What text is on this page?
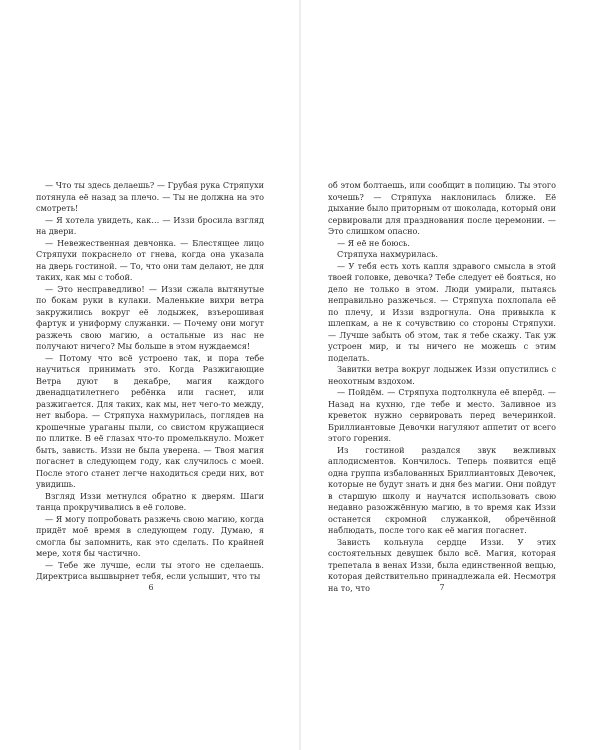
— Что ты здесь делаешь? — Грубая рука Стряпухи потянула её назад за плечо. — Ты не должна на это смотреть!

— Я хотела увидеть, как… — Иззи бросила взгляд на двери.

— Невежественная девчонка. — Блестящее лицо Стряпухи покраснело от гнева, когда она указала на дверь гостиной. — То, что они там делают, не для таких, как мы с тобой.

— Это несправедливо! — Иззи сжала вытянутые по бокам руки в кулаки. Маленькие вихри ветра закружились вокруг её лодыжек, взъерошивая фартук и униформу служанки. — Почему они могут разжечь свою магию, а остальные из нас не получают ничего? Мы больше в этом нуждаемся!

— Потому что всё устроено так, и пора тебе научиться принимать это. Когда Разжигающие Ветра дуют в декабре, магия каждого двенадцатилетнего ребёнка или гаснет, или разжигается. Для таких, как мы, нет чего-то между, нет выбора. — Стряпуха нахмурилась, поглядев на крошечные ураганы пыли, со свистом кружащиеся по плитке. В её глазах что-то промелькнуло. Может быть, зависть. Иззи не была уверена. — Твоя магия погаснет в следующем году, как случилось с моей. После этого станет легче находиться среди них, вот увидишь.

Взгляд Иззи метнулся обратно к дверям. Шаги танца прокручивались в её голове.

— Я могу попробовать разжечь свою магию, когда придёт моё время в следующем году. Думаю, я смогла бы запомнить, как это сделать. По крайней мере, хотя бы частично.

— Тебе же лучше, если ты этого не сделаешь. Директриса вышвырнет тебя, если услышит, что ты

6

об этом болтаешь, или сообщит в полицию. Ты этого хочешь? — Стряпуха наклонилась ближе. Её дыхание было приторным от шоколада, который они сервировали для празднования после церемонии. — Это слишком опасно.

— Я её не боюсь.

Стряпуха нахмурилась.

— У тебя есть хоть капля здравого смысла в этой твоей головке, девочка? Тебе следует её бояться, но дело не только в этом. Люди умирали, пытаясь неправильно разжечься. — Стряпуха похлопала её по плечу, и Иззи вздрогнула. Она привыкла к шлепкам, а не к сочувствию со стороны Стряпухи. — Лучше забыть об этом, так я тебе скажу. Так уж устроен мир, и ты ничего не можешь с этим поделать.

Завитки ветра вокруг лодыжек Иззи опустились с неохотным вздохом.

— Пойдём. — Стряпуха подтолкнула её вперёд. — Назад на кухню, где тебе и место. Заливное из креветок нужно сервировать перед вечеринкой. Бриллиантовые Девочки нагуляют аппетит от всего этого горения.

Из гостиной раздался звук вежливых аплодисментов. Кончилось. Теперь появится ещё одна группа избалованных Бриллиантовых Девочек, которые не будут знать и дня без магии. Они пойдут в старшую школу и научатся использовать свою недавно разожжённую магию, в то время как Иззи останется скромной служанкой, обречённой наблюдать, после того как её магия погаснет.

Зависть кольнула сердце Иззи. У этих состоятельных девушек было всё. Магия, которая трепетала в венах Иззи, была единственной вещью, которая действительно принадлежала ей. Несмотря на то, что	7
